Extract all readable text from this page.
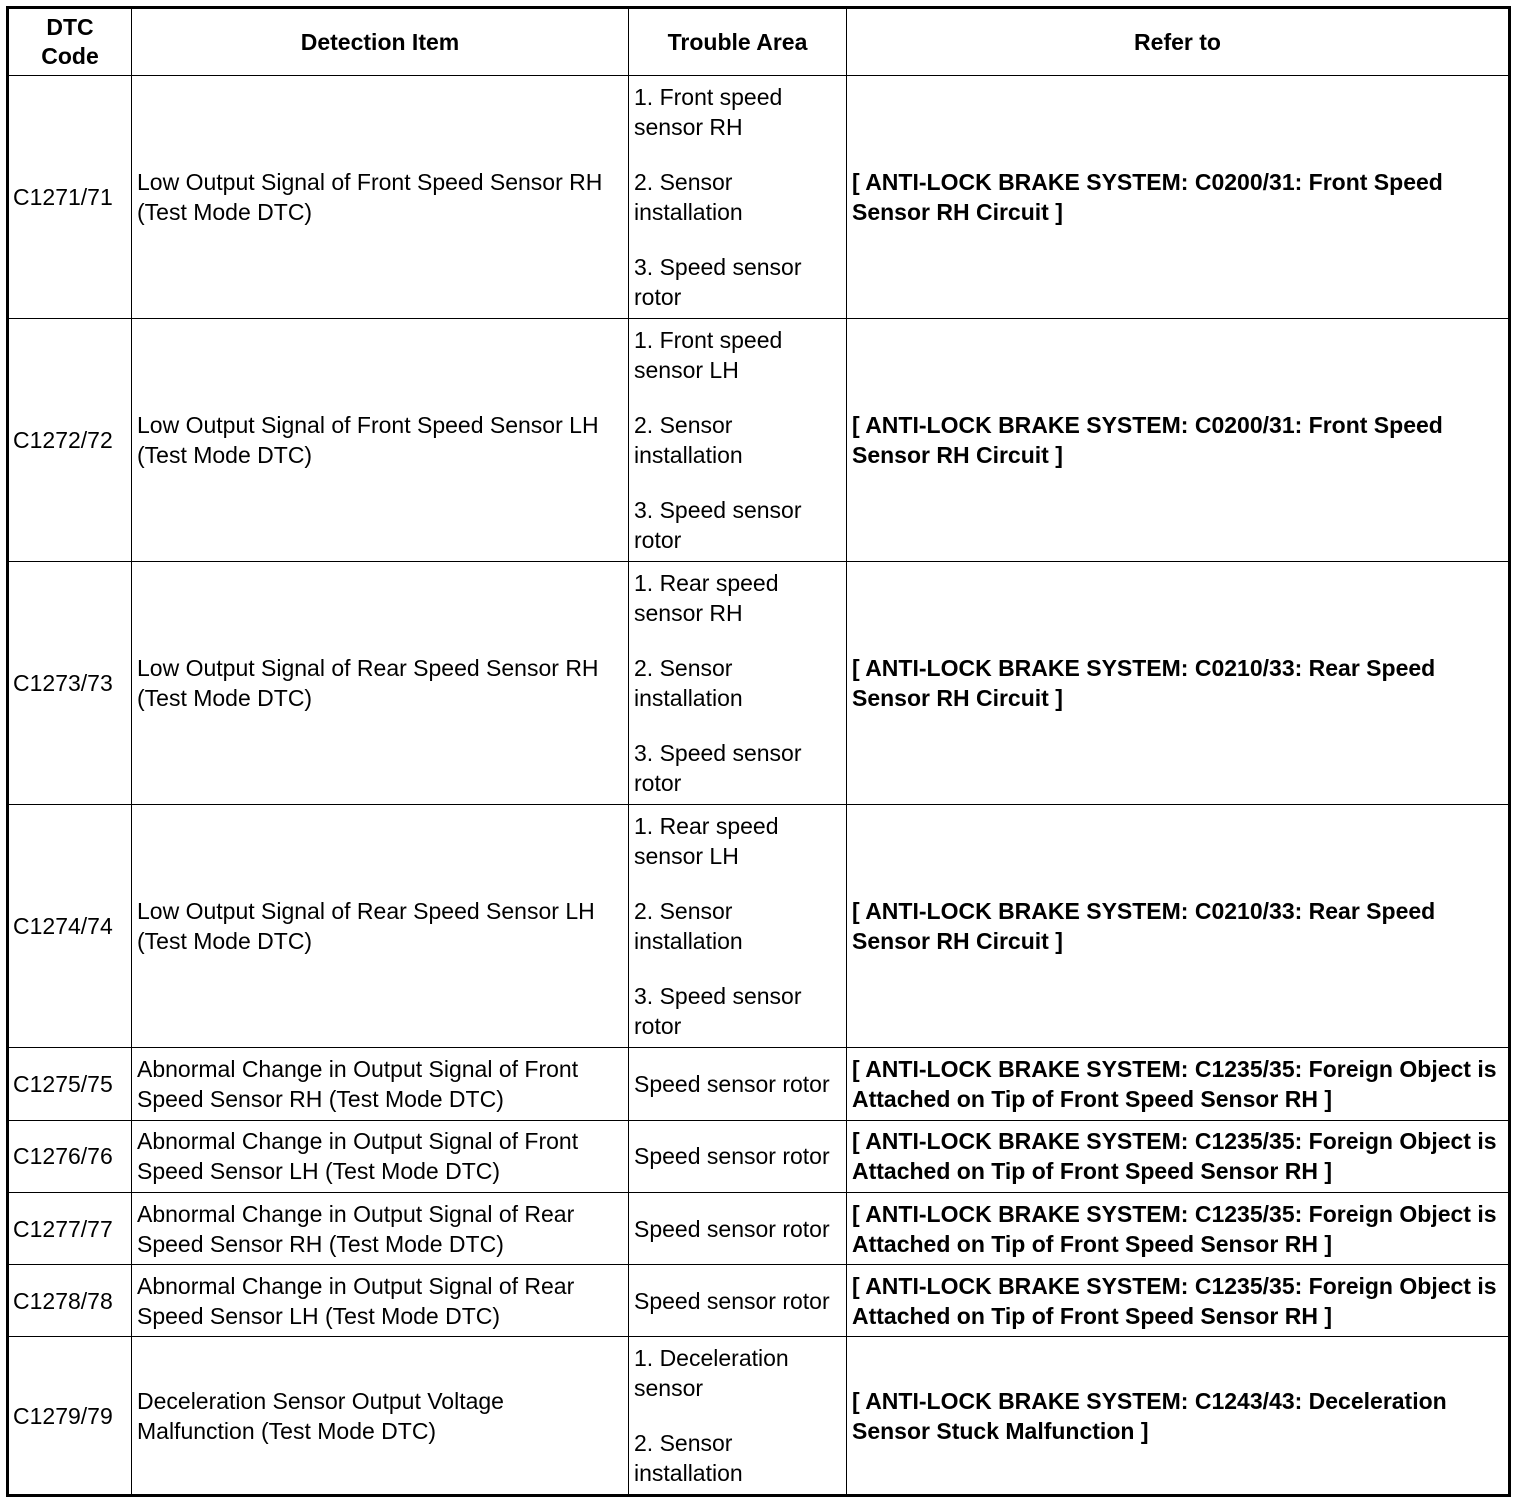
DTC
Code	Detection Item	Trouble Area	Refer to
C1271/71	Low Output Signal of Front Speed Sensor RH (Test Mode DTC)	1. Front speed sensor RH
2. Sensor installation
3. Speed sensor rotor	[ ANTI-LOCK BRAKE SYSTEM: C0200/31: Front Speed Sensor RH Circuit ]
C1272/72	Low Output Signal of Front Speed Sensor LH (Test Mode DTC)	1. Front speed sensor LH
2. Sensor installation
3. Speed sensor rotor	[ ANTI-LOCK BRAKE SYSTEM: C0200/31: Front Speed Sensor RH Circuit ]
C1273/73	Low Output Signal of Rear Speed Sensor RH (Test Mode DTC)	1. Rear speed sensor RH
2. Sensor installation
3. Speed sensor rotor	[ ANTI-LOCK BRAKE SYSTEM: C0210/33: Rear Speed Sensor RH Circuit ]
C1274/74	Low Output Signal of Rear Speed Sensor LH (Test Mode DTC)	1. Rear speed sensor LH
2. Sensor installation
3. Speed sensor rotor	[ ANTI-LOCK BRAKE SYSTEM: C0210/33: Rear Speed Sensor RH Circuit ]
C1275/75	Abnormal Change in Output Signal of Front Speed Sensor RH (Test Mode DTC)	Speed sensor rotor	[ ANTI-LOCK BRAKE SYSTEM: C1235/35: Foreign Object is Attached on Tip of Front Speed Sensor RH ]
C1276/76	Abnormal Change in Output Signal of Front Speed Sensor LH (Test Mode DTC)	Speed sensor rotor	[ ANTI-LOCK BRAKE SYSTEM: C1235/35: Foreign Object is Attached on Tip of Front Speed Sensor RH ]
C1277/77	Abnormal Change in Output Signal of Rear Speed Sensor RH (Test Mode DTC)	Speed sensor rotor	[ ANTI-LOCK BRAKE SYSTEM: C1235/35: Foreign Object is Attached on Tip of Front Speed Sensor RH ]
C1278/78	Abnormal Change in Output Signal of Rear Speed Sensor LH (Test Mode DTC)	Speed sensor rotor	[ ANTI-LOCK BRAKE SYSTEM: C1235/35: Foreign Object is Attached on Tip of Front Speed Sensor RH ]
C1279/79	Deceleration Sensor Output Voltage Malfunction (Test Mode DTC)	1. Deceleration sensor
2. Sensor installation	[ ANTI-LOCK BRAKE SYSTEM: C1243/43: Deceleration Sensor Stuck Malfunction ]
